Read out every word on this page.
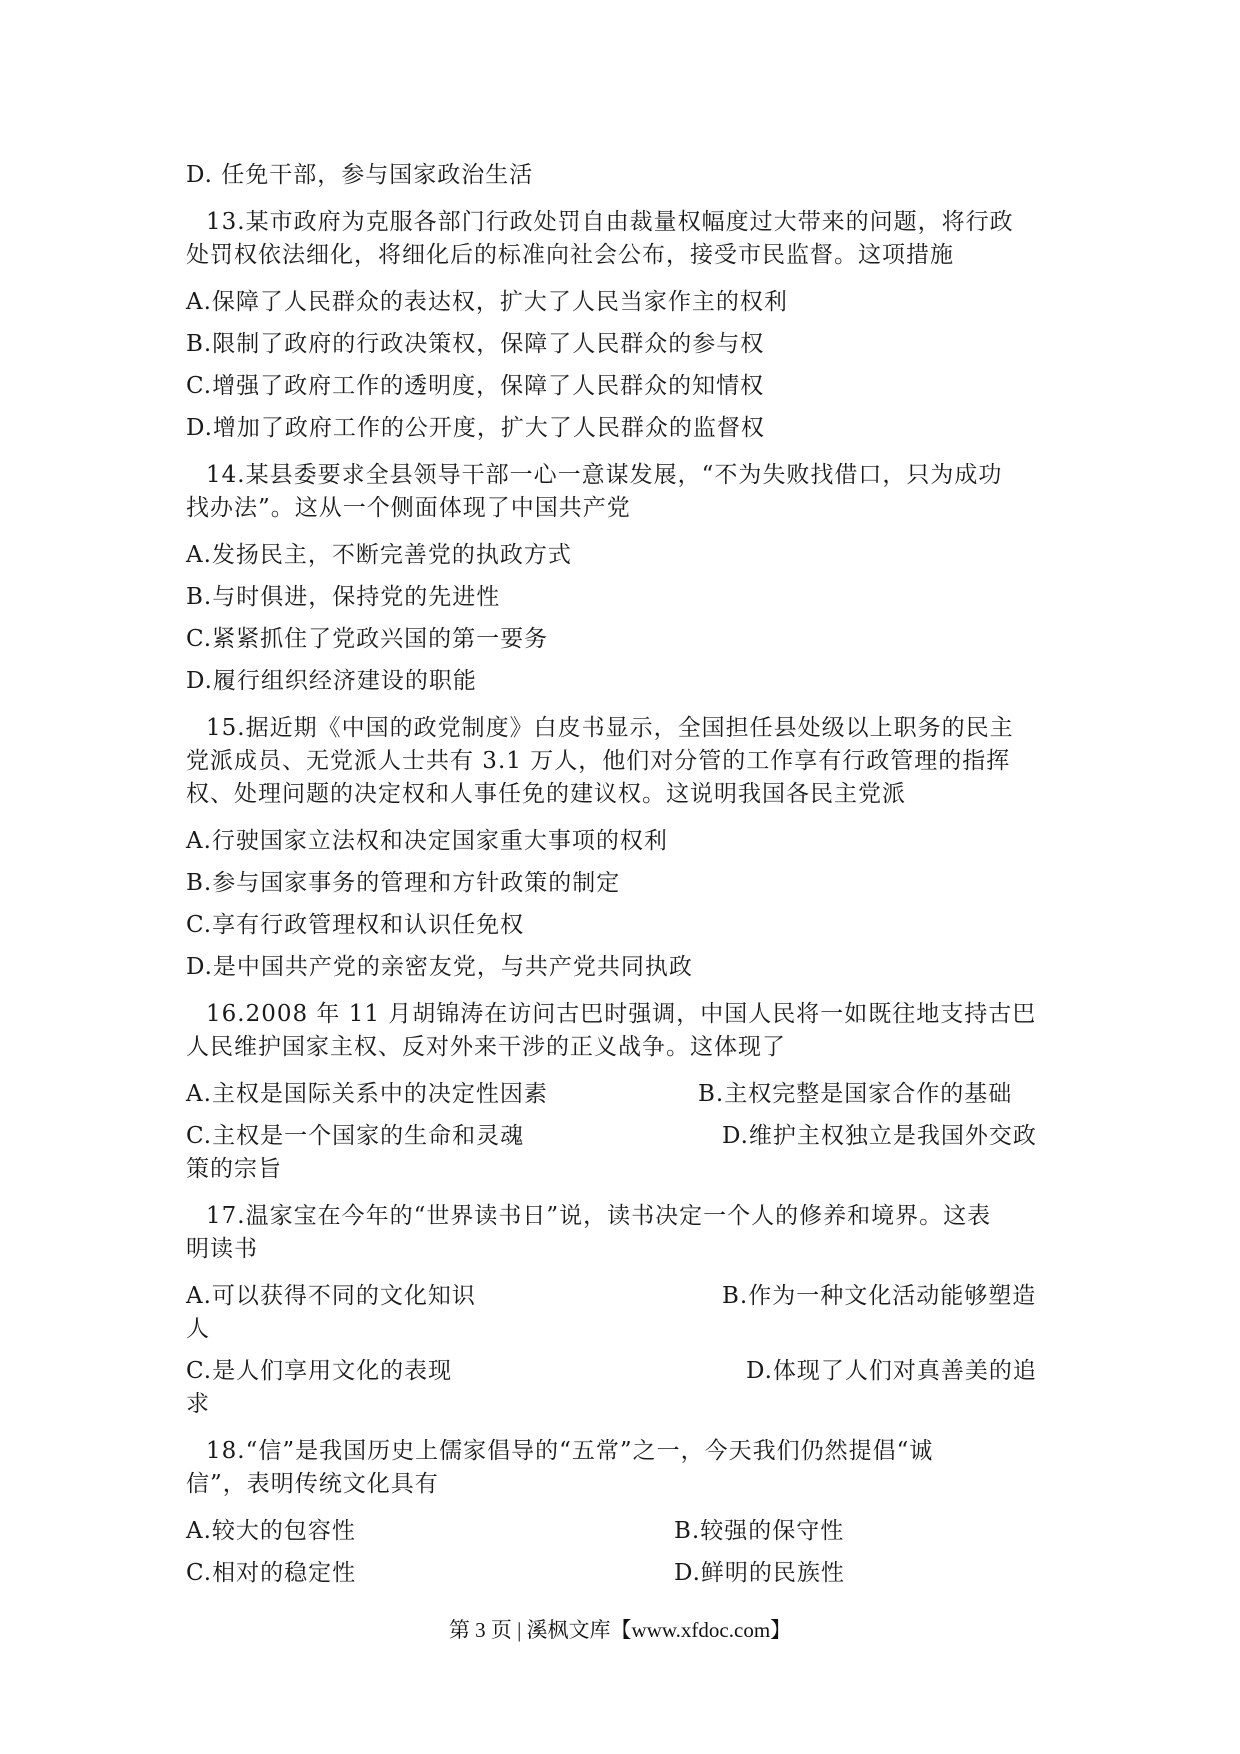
D. 任免干部，参与国家政治生活
13.某市政府为克服各部门行政处罚自由裁量权幅度过大带来的问题，将行政
处罚权依法细化，将细化后的标准向社会公布，接受市民监督。这项措施
A.保障了人民群众的表达权，扩大了人民当家作主的权利
B.限制了政府的行政决策权，保障了人民群众的参与权
C.增强了政府工作的透明度，保障了人民群众的知情权
D.增加了政府工作的公开度，扩大了人民群众的监督权
14.某县委要求全县领导干部一心一意谋发展，“不为失败找借口，只为成功
找办法”。这从一个侧面体现了中国共产党
A.发扬民主，不断完善党的执政方式
B.与时俱进，保持党的先进性
C.紧紧抓住了党政兴国的第一要务
D.履行组织经济建设的职能
15.据近期《中国的政党制度》白皮书显示，全国担任县处级以上职务的民主
党派成员、无党派人士共有 3.1 万人，他们对分管的工作享有行政管理的指挥
权、处理问题的决定权和人事任免的建议权。这说明我国各民主党派
A.行驶国家立法权和决定国家重大事项的权利
B.参与国家事务的管理和方针政策的制定
C.享有行政管理权和认识任免权
D.是中国共产党的亲密友党，与共产党共同执政
16.2008 年 11 月胡锦涛在访问古巴时强调，中国人民将一如既往地支持古巴
人民维护国家主权、反对外来干涉的正义战争。这体现了
A.主权是国际关系中的决定性因素	B.主权完整是国家合作的基础
C.主权是一个国家的生命和灵魂	D.维护主权独立是我国外交政
策的宗旨
17.温家宝在今年的“世界读书日”说，读书决定一个人的修养和境界。这表
明读书
A.可以获得不同的文化知识	B.作为一种文化活动能够塑造
人
C.是人们享用文化的表现	D.体现了人们对真善美的追
求
18.“信”是我国历史上儒家倡导的“五常”之一，今天我们仍然提倡“诚
信”，表明传统文化具有
A.较大的包容性	B.较强的保守性
C.相对的稳定性	D.鲜明的民族性
第 3 页 | 溪枫文库【www.xfdoc.com】
